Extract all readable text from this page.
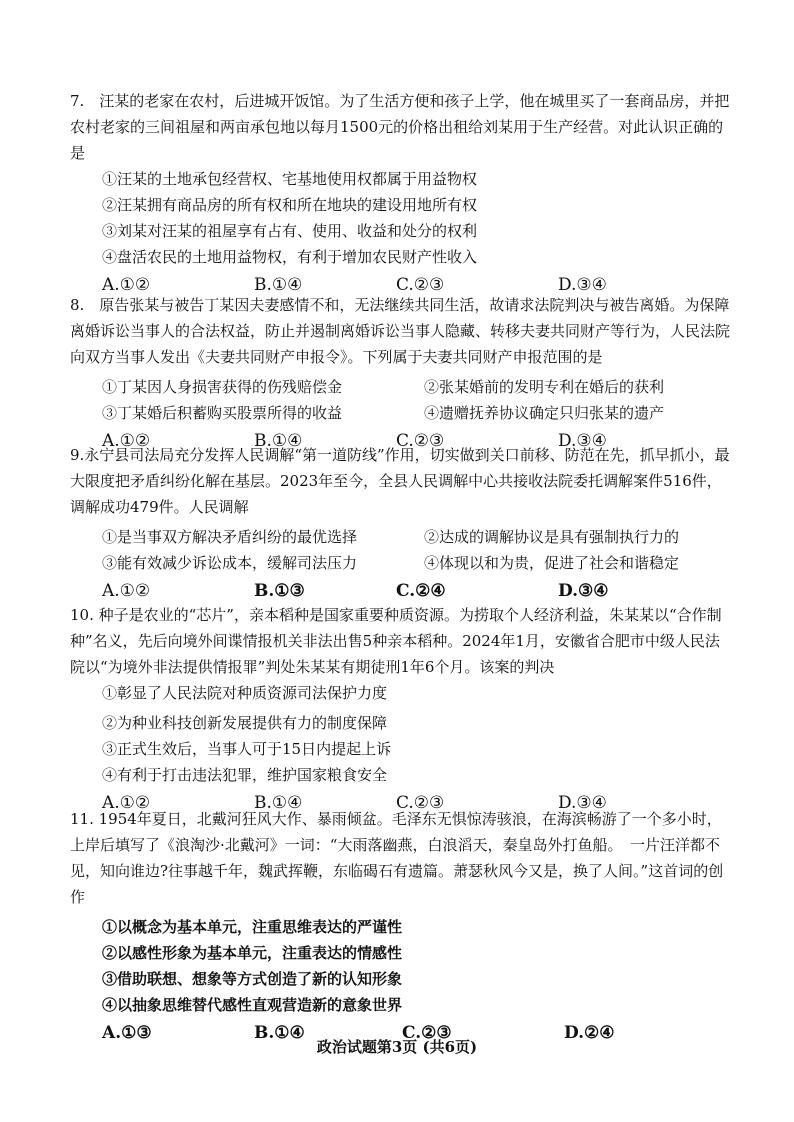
7.　汪某的老家在农村，后进城开饭馆。为了生活方便和孩子上学，他在城里买了一套商品房，并把农村老家的三间祖屋和两亩承包地以每月1500元的价格出租给刘某用于生产经营。对此认识正确的是

①汪某的土地承包经营权、宅基地使用权都属于用益物权
②汪某拥有商品房的所有权和所在地块的建设用地所有权
③刘某对汪某的祖屋享有占有、使用、收益和处分的权利
④盘活农民的土地用益物权，有利于增加农民财产性收入
A.①②	B.①④	C.②③	D.③④

8.　原告张某与被告丁某因夫妻感情不和，无法继续共同生活，故请求法院判决与被告离婚。为保障离婚诉讼当事人的合法权益，防止并遏制离婚诉讼当事人隐藏、转移夫妻共同财产等行为，人民法院向双方当事人发出《夫妻共同财产申报令》。下列属于夫妻共同财产申报范围的是

①丁某因人身损害获得的伤残赔偿金	②张某婚前的发明专利在婚后的获利
③丁某婚后积蓄购买股票所得的收益	④遗赠抚养协议确定只归张某的遗产
A.①②	B.①④	C.②③	D.③④

9.永宁县司法局充分发挥人民调解“第一道防线”作用，切实做到关口前移、防范在先，抓早抓小，最大限度把矛盾纠纷化解在基层。2023年至今，全县人民调解中心共接收法院委托调解案件516件，调解成功479件。人民调解

①是当事双方解决矛盾纠纷的最优选择	②达成的调解协议是具有强制执行力的
③能有效减少诉讼成本，缓解司法压力	④体现以和为贵，促进了社会和谐稳定
A.①②	B.①③	C.②④	D.③④

10. 种子是农业的“芯片”，亲本稻种是国家重要种质资源。为捞取个人经济利益，朱某某以“合作制种”名义，先后向境外间谍情报机关非法出售5种亲本稻种。2024年1月，安徽省合肥市中级人民法院以“为境外非法提供情报罪”判处朱某某有期徒刑1年6个月。该案的判决

①彰显了人民法院对种质资源司法保护力度
②为种业科技创新发展提供有力的制度保障
③正式生效后，当事人可于15日内提起上诉
④有利于打击违法犯罪，维护国家粮食安全
A.①②	B.①④	C.②③	D.③④

11. 1954年夏日，北戴河狂风大作、暴雨倾盆。毛泽东无惧惊涛骇浪，在海滨畅游了一个多小时，上岸后填写了《浪淘沙·北戴河》一词：“大雨落幽燕，白浪滔天，秦皇岛外打鱼船。　一片汪洋都不见，知向谁边?往事越千年，魏武挥鞭，东临碣石有遗篇。萧瑟秋风今又是，换了人间。”这首词的创作

①以概念为基本单元，注重思维表达的严谨性
②以感性形象为基本单元，注重表达的情感性
③借助联想、想象等方式创造了新的认知形象
④以抽象思维替代感性直观营造新的意象世界
A.①③	B.①④	C.②③	D.②④
政治试题第3页 (共6页)
